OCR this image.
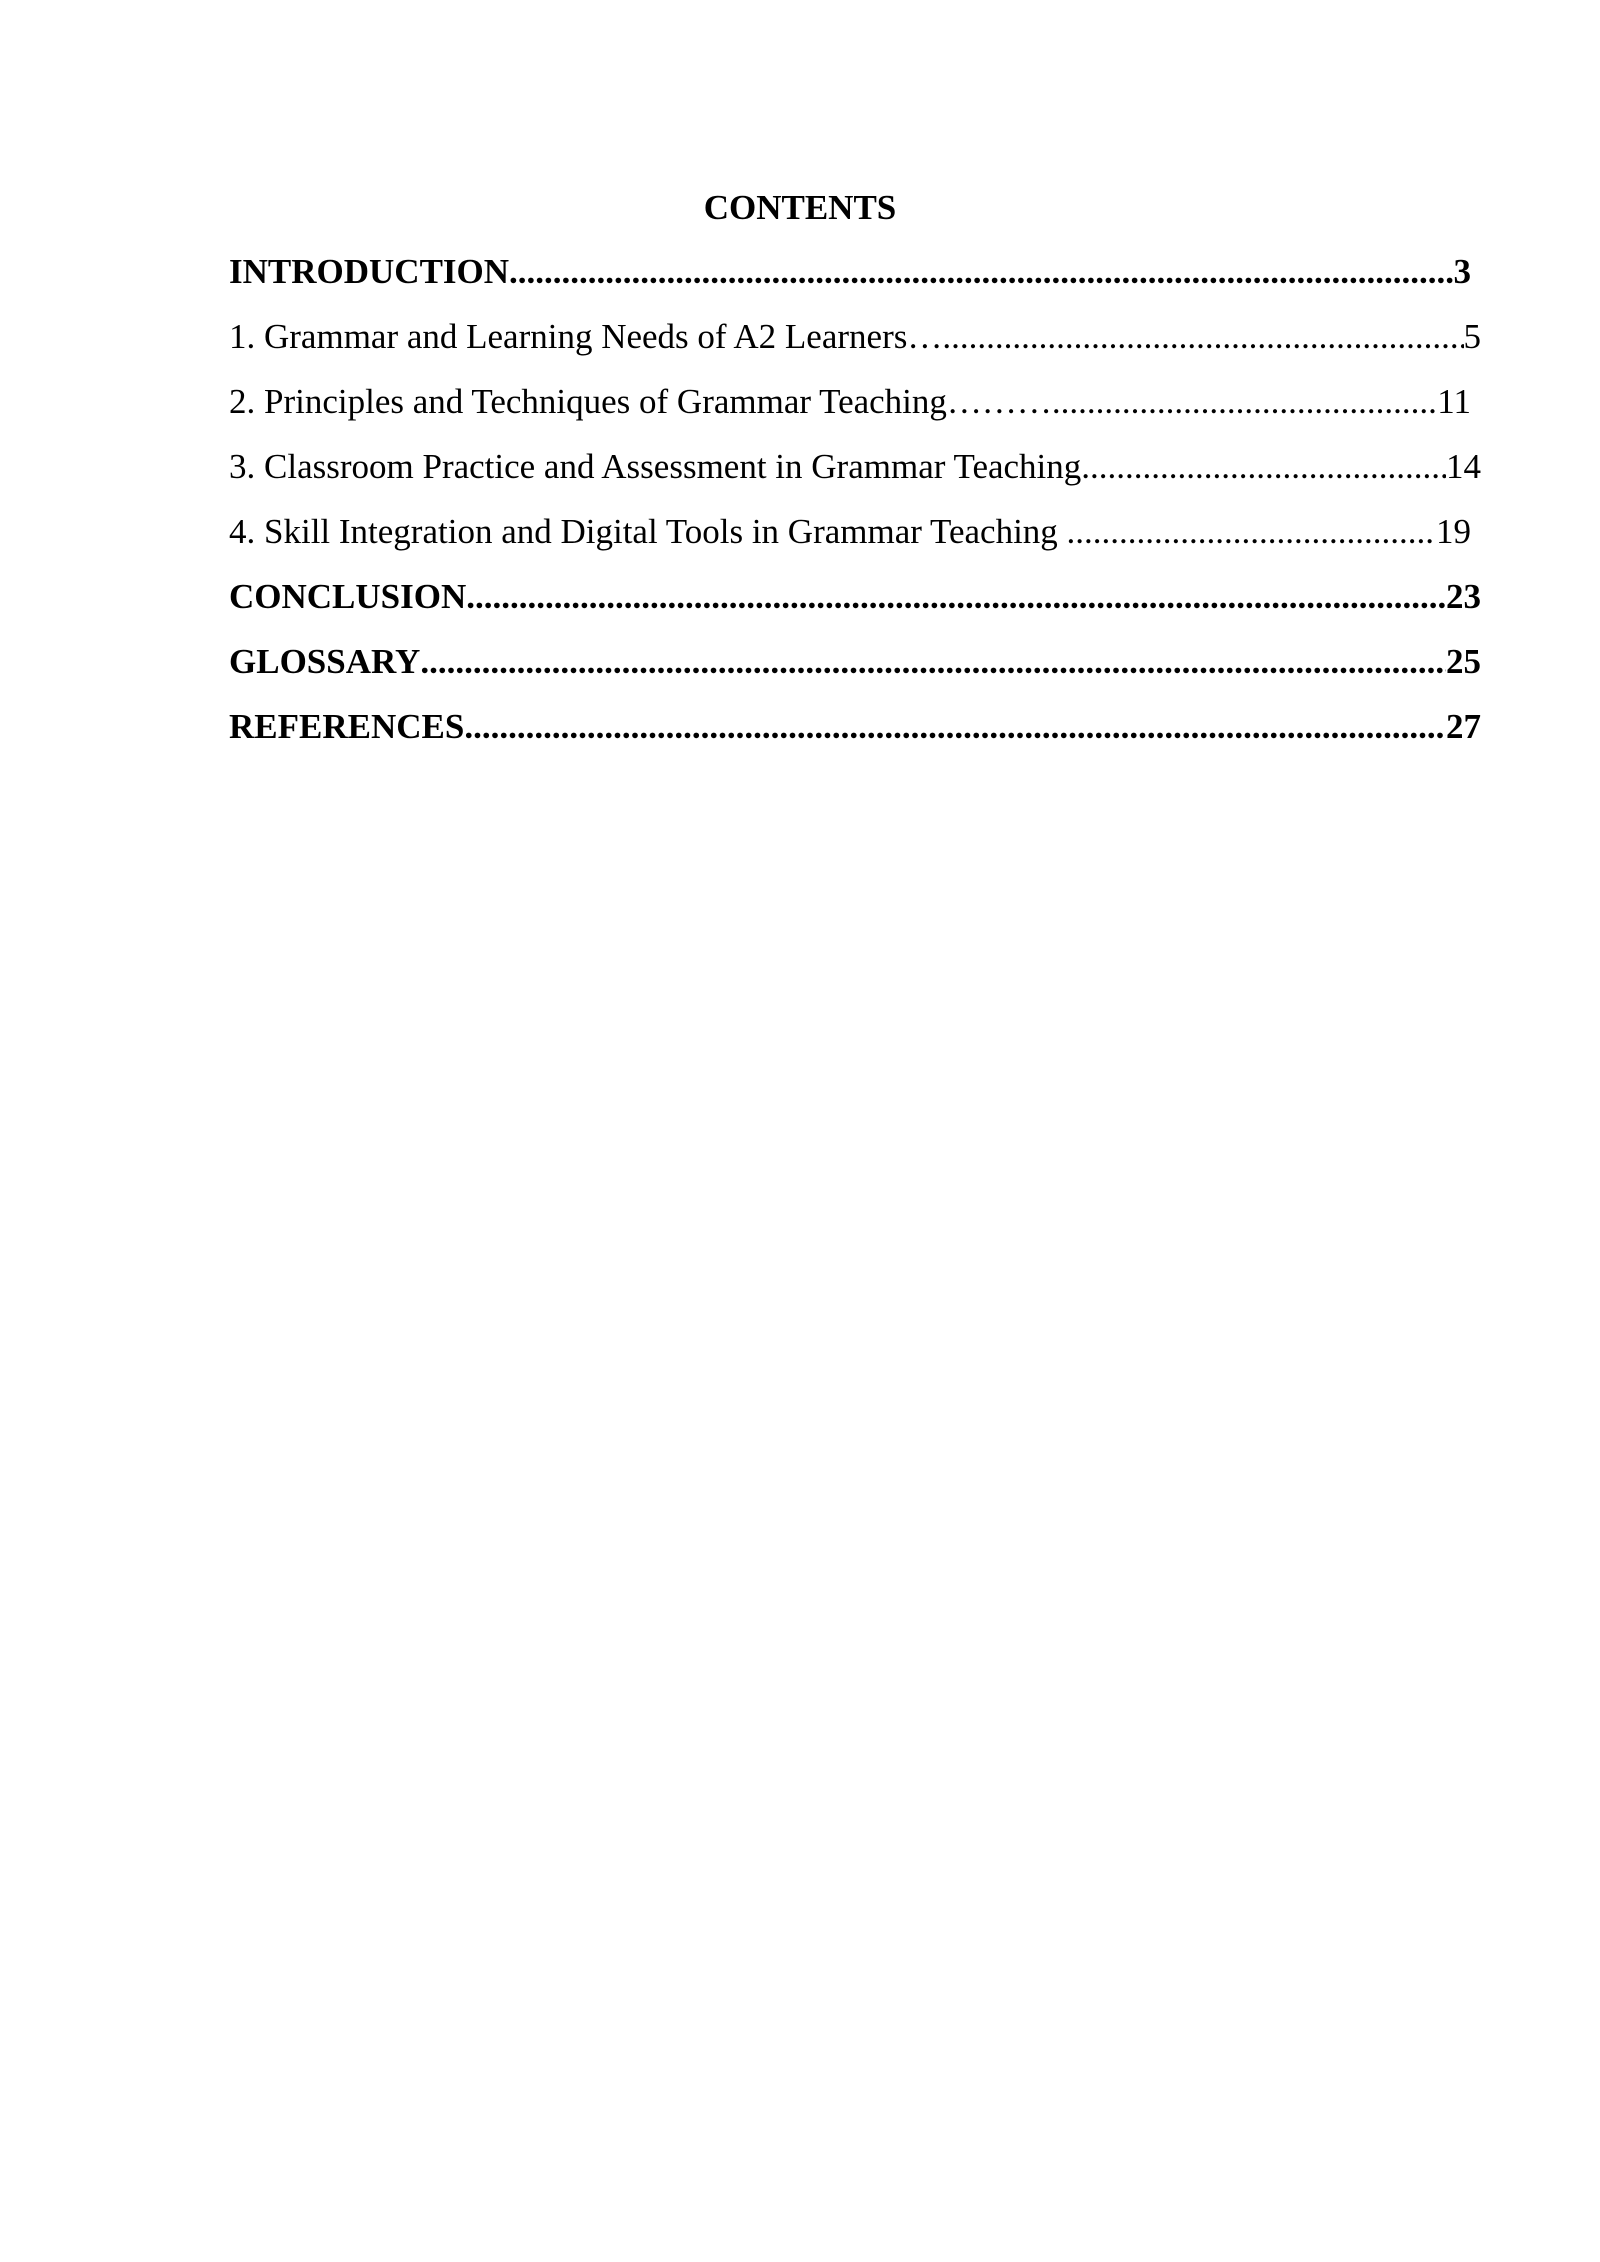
CONTENTS
INTRODUCTION .....	3
1. Grammar and Learning Needs of A2 Learners… .....	5
2. Principles and Techniques of Grammar Teaching……… .....	11
3. Classroom Practice and Assessment in Grammar Teaching .....	14
4. Skill Integration and Digital Tools in Grammar Teaching .....	19
CONCLUSION .....	23
GLOSSARY .....	25
REFERENCES .....	27
